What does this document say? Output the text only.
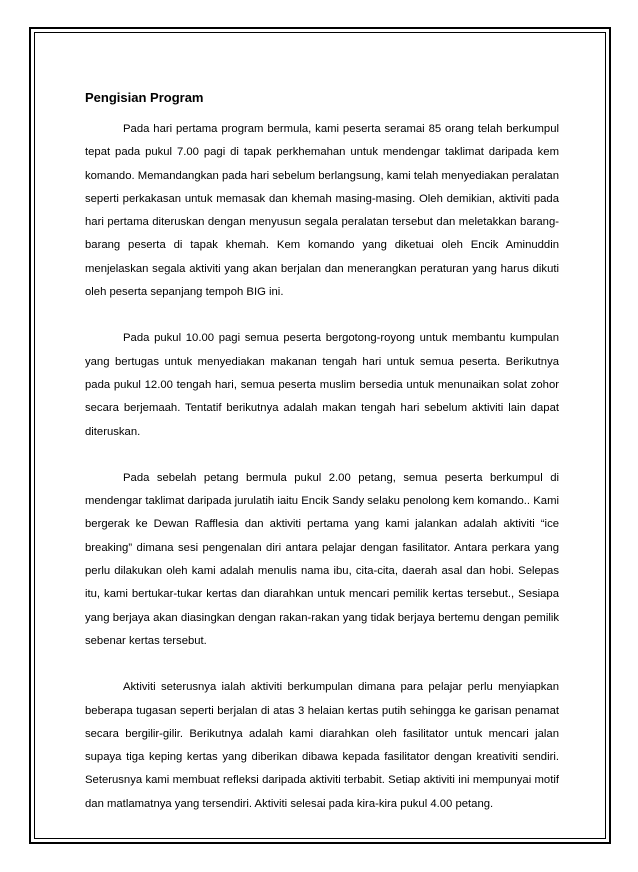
Pengisian Program

Pada hari pertama program bermula, kami peserta seramai 85 orang telah berkumpul tepat pada pukul 7.00 pagi di tapak perkhemahan untuk mendengar taklimat daripada kem komando. Memandangkan pada hari sebelum berlangsung, kami telah menyediakan peralatan seperti perkakasan untuk memasak dan khemah masing-masing. Oleh demikian, aktiviti pada hari pertama diteruskan dengan menyusun segala peralatan tersebut dan meletakkan barang-barang peserta di tapak khemah. Kem komando yang diketuai oleh Encik Aminuddin menjelaskan segala aktiviti yang akan berjalan dan menerangkan peraturan yang harus dikuti oleh peserta sepanjang tempoh BIG ini.

Pada pukul 10.00 pagi semua peserta bergotong-royong untuk membantu kumpulan yang bertugas untuk menyediakan makanan tengah hari untuk semua peserta. Berikutnya pada pukul 12.00 tengah hari, semua peserta muslim bersedia untuk menunaikan solat zohor secara berjemaah. Tentatif berikutnya adalah makan tengah hari sebelum aktiviti lain dapat diteruskan.

Pada sebelah petang bermula pukul 2.00 petang, semua peserta berkumpul di mendengar taklimat daripada jurulatih iaitu Encik Sandy selaku penolong kem komando.. Kami bergerak ke Dewan Rafflesia dan aktiviti pertama yang kami jalankan adalah aktiviti “ice breaking” dimana sesi pengenalan diri antara pelajar dengan fasilitator. Antara perkara yang perlu dilakukan oleh kami adalah menulis nama ibu, cita-cita, daerah asal dan hobi. Selepas itu, kami bertukar-tukar kertas dan diarahkan untuk mencari pemilik kertas tersebut., Sesiapa yang berjaya akan diasingkan dengan rakan-rakan yang tidak berjaya bertemu dengan pemilik sebenar kertas tersebut.

Aktiviti seterusnya ialah aktiviti berkumpulan dimana para pelajar perlu menyiapkan beberapa tugasan seperti berjalan di atas 3 helaian kertas putih sehingga ke garisan penamat secara bergilir-gilir. Berikutnya adalah kami diarahkan oleh fasilitator untuk mencari jalan supaya tiga keping kertas yang diberikan dibawa kepada fasilitator dengan kreativiti sendiri. Seterusnya kami membuat refleksi daripada aktiviti terbabit. Setiap aktiviti ini mempunyai motif dan matlamatnya yang tersendiri. Aktiviti selesai pada kira-kira pukul 4.00 petang.
